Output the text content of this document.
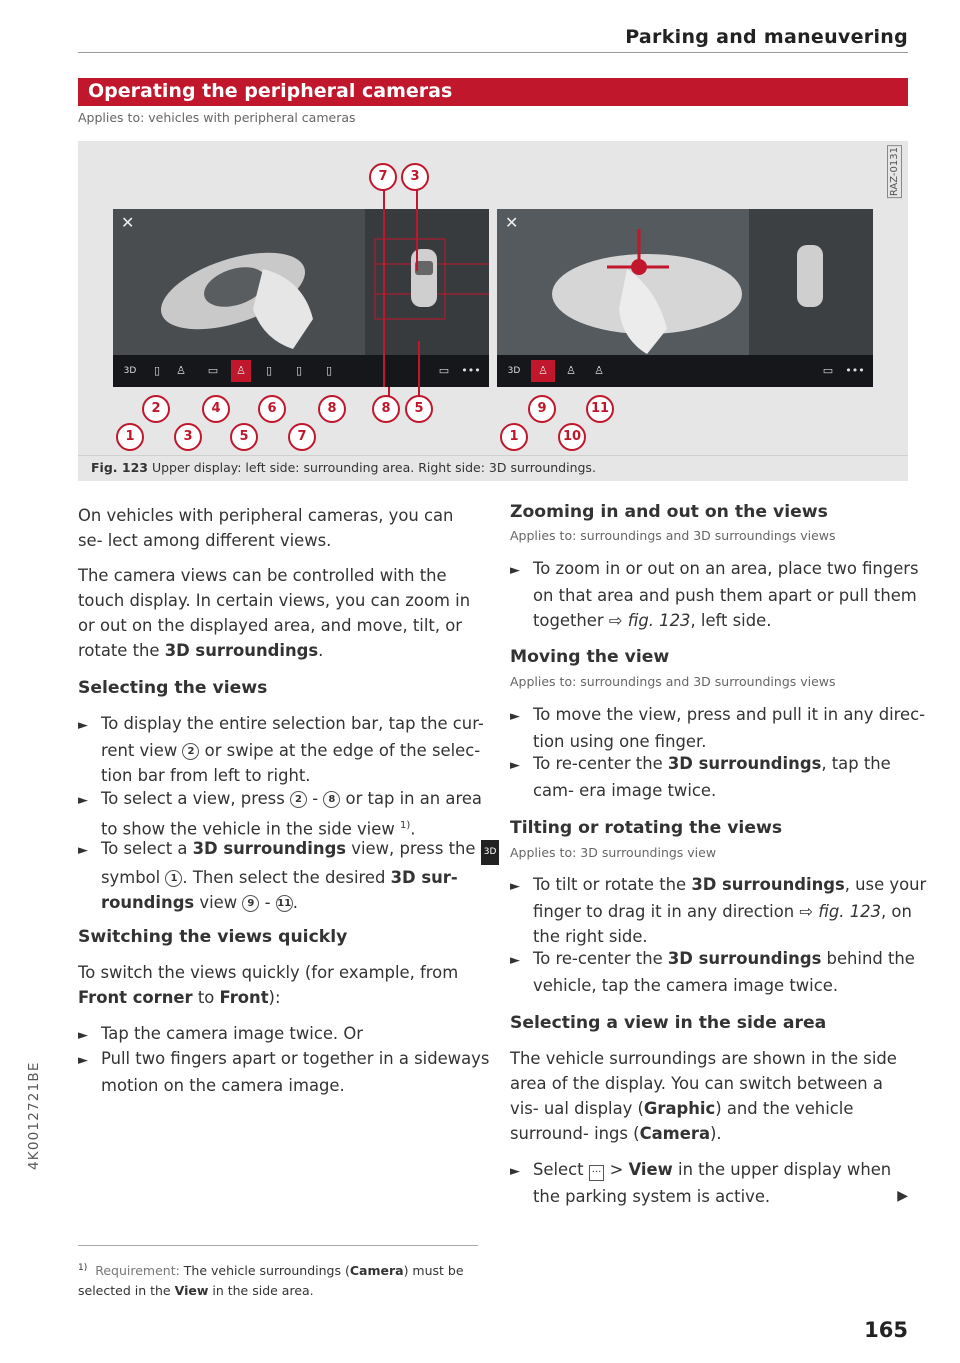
Parking and maneuvering
Operating the peripheral cameras
Applies to: vehicles with peripheral cameras
RAZ-0131
✕
3D	▯	♙	▭	♙	▯	▯	▯	▭	•••
✕
3D	♙	♙	♙	▭	•••
7	3
2	4	6	8
1	3	5	7
8	5	9	11
1	10
Fig. 123 Upper display: left side: surrounding area. Right side: 3D surroundings.
On vehicles with peripheral cameras, you can se- lect among different views.
The camera views can be controlled with the touch display. In certain views, you can zoom in or out on the displayed area, and move, tilt, or rotate the 3D surroundings.
Selecting the views
► To display the entire selection bar, tap the cur- rent view 2 or swipe at the edge of the selec- tion bar from left to right.
► To select a view, press 2 - 8 or tap in an area to show the vehicle in the side view $^{1)}$.
► To select a 3D surroundings view, press the 3D symbol 1 . Then select the desired 3D sur- roundings view 9 - 11.
Switching the views quickly
To switch the views quickly (for example, from Front corner to Front):
► Tap the camera image twice. Or
► Pull two fingers apart or together in a sideways motion on the camera image.
Zooming in and out on the views
Applies to: surroundings and 3D surroundings views
► To zoom in or out on an area, place two fingers on that area and push them apart or pull them together ⇨ fig. 123, left side.
Moving the view
Applies to: surroundings and 3D surroundings views
► To move the view, press and pull it in any direc- tion using one finger.
► To re-center the 3D surroundings, tap the cam- era image twice.
Tilting or rotating the views
Applies to: 3D surroundings view
► To tilt or rotate the 3D surroundings, use your finger to drag it in any direction ⇨ fig. 123, on the right side.
► To re-center the 3D surroundings behind the vehicle, tap the camera image twice.
Selecting a view in the side area
The vehicle surroundings are shown in the side area of the display. You can switch between a vis- ual display (Graphic) and the vehicle surround- ings (Camera).
► Select ··· > View in the upper display when the parking system is active.	▶
$^{1)}$ Requirement: The vehicle surroundings (Camera) must be selected in the View in the side area.
4K0012721BE
165
